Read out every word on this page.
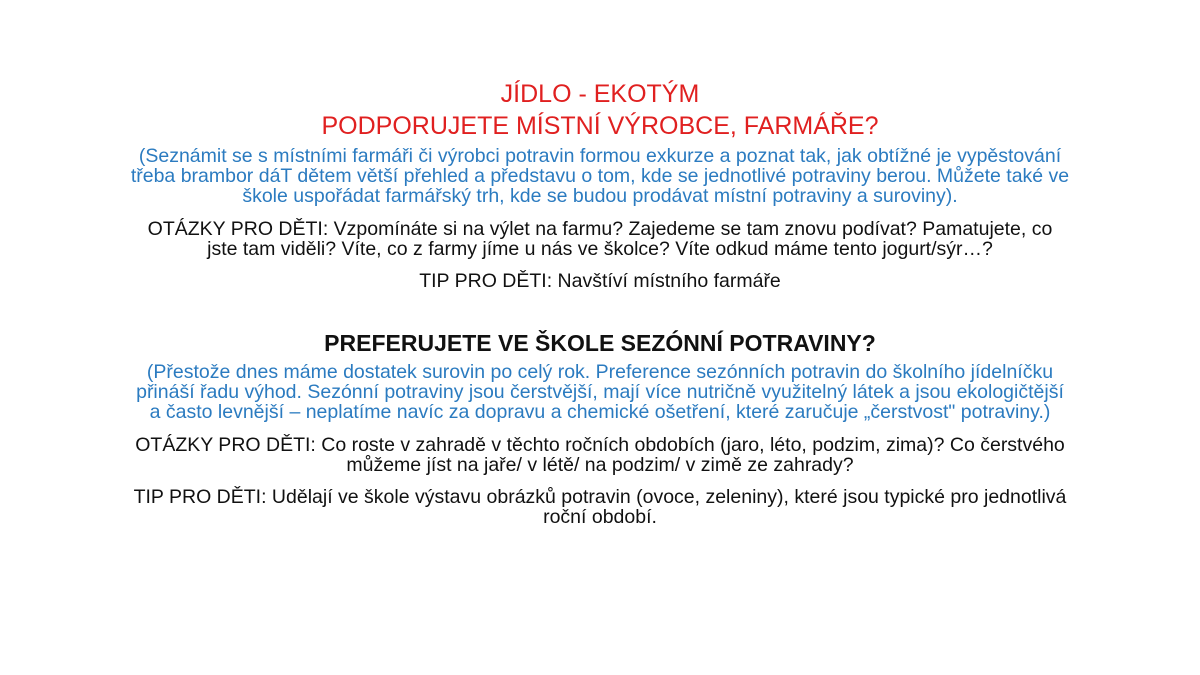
JÍDLO - EKOTÝM
PODPORUJETE MÍSTNÍ VÝROBCE, FARMÁŘE?

(Seznámit se s místními farmáři či výrobci potravin formou exkurze a poznat tak, jak obtížné je vypěstování třeba brambor dáT dětem větší přehled a představu o tom, kde se jednotlivé potraviny berou. Můžete také ve škole uspořádat farmářský trh, kde se budou prodávat místní potraviny a suroviny).

OTÁZKY PRO DĚTI: Vzpomínáte si na výlet na farmu? Zajedeme se tam znovu podívat? Pamatujete, co jste tam viděli? Víte, co z farmy jíme u nás ve školce? Víte odkud máme tento jogurt/sýr…?

TIP PRO DĚTI: Navštíví místního farmáře

PREFERUJETE VE ŠKOLE SEZÓNNÍ POTRAVINY?

(Přestože dnes máme dostatek surovin po celý rok. Preference sezónních potravin do školního jídelníčku přináší řadu výhod. Sezónní potraviny jsou čerstvější, mají více nutričně využitelný látek a jsou ekologičtější a často levnější – neplatíme navíc za dopravu a chemické ošetření, které zaručuje „čerstvost" potraviny.)

OTÁZKY PRO DĚTI: Co roste v zahradě v těchto ročních obdobích (jaro, léto, podzim, zima)? Co čerstvého můžeme jíst na jaře/ v létě/ na podzim/ v zimě ze zahrady?

TIP PRO DĚTI: Udělají ve škole výstavu obrázků potravin (ovoce, zeleniny), které jsou typické pro jednotlivá roční období.
